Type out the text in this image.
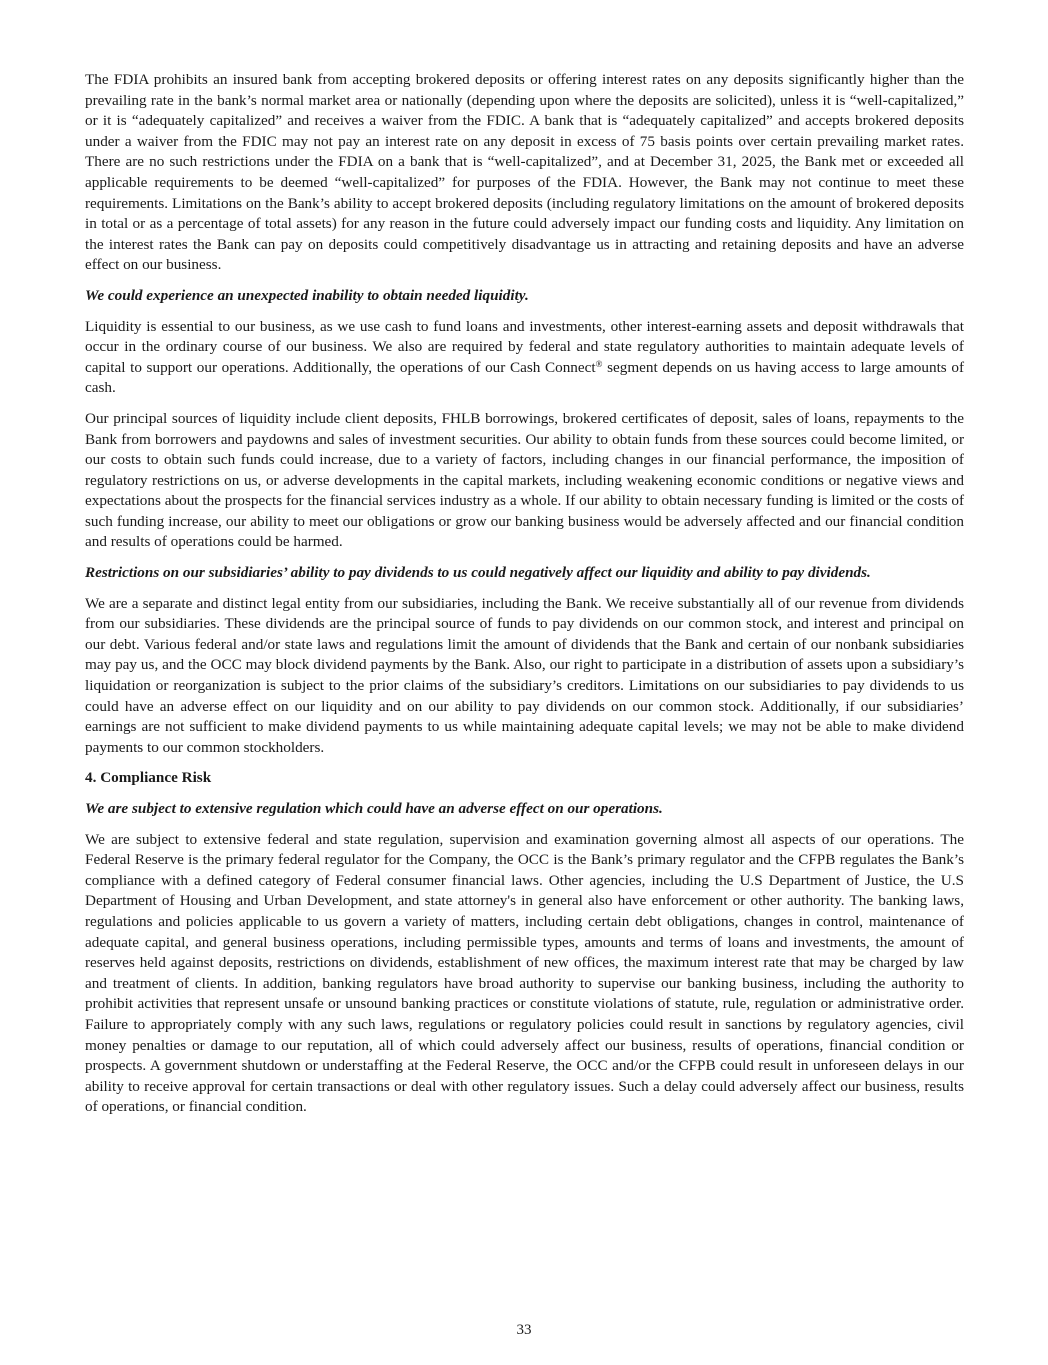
The FDIA prohibits an insured bank from accepting brokered deposits or offering interest rates on any deposits significantly higher than the prevailing rate in the bank’s normal market area or nationally (depending upon where the deposits are solicited), unless it is “well-capitalized,” or it is “adequately capitalized” and receives a waiver from the FDIC. A bank that is “adequately capitalized” and accepts brokered deposits under a waiver from the FDIC may not pay an interest rate on any deposit in excess of 75 basis points over certain prevailing market rates. There are no such restrictions under the FDIA on a bank that is “well-capitalized”, and at December 31, 2025, the Bank met or exceeded all applicable requirements to be deemed “well-capitalized” for purposes of the FDIA. However, the Bank may not continue to meet these requirements. Limitations on the Bank’s ability to accept brokered deposits (including regulatory limitations on the amount of brokered deposits in total or as a percentage of total assets) for any reason in the future could adversely impact our funding costs and liquidity. Any limitation on the interest rates the Bank can pay on deposits could competitively disadvantage us in attracting and retaining deposits and have an adverse effect on our business.

We could experience an unexpected inability to obtain needed liquidity.

Liquidity is essential to our business, as we use cash to fund loans and investments, other interest-earning assets and deposit withdrawals that occur in the ordinary course of our business. We also are required by federal and state regulatory authorities to maintain adequate levels of capital to support our operations. Additionally, the operations of our Cash Connect® segment depends on us having access to large amounts of cash.

Our principal sources of liquidity include client deposits, FHLB borrowings, brokered certificates of deposit, sales of loans, repayments to the Bank from borrowers and paydowns and sales of investment securities. Our ability to obtain funds from these sources could become limited, or our costs to obtain such funds could increase, due to a variety of factors, including changes in our financial performance, the imposition of regulatory restrictions on us, or adverse developments in the capital markets, including weakening economic conditions or negative views and expectations about the prospects for the financial services industry as a whole. If our ability to obtain necessary funding is limited or the costs of such funding increase, our ability to meet our obligations or grow our banking business would be adversely affected and our financial condition and results of operations could be harmed.

Restrictions on our subsidiaries’ ability to pay dividends to us could negatively affect our liquidity and ability to pay dividends.

We are a separate and distinct legal entity from our subsidiaries, including the Bank. We receive substantially all of our revenue from dividends from our subsidiaries. These dividends are the principal source of funds to pay dividends on our common stock, and interest and principal on our debt. Various federal and/or state laws and regulations limit the amount of dividends that the Bank and certain of our nonbank subsidiaries may pay us, and the OCC may block dividend payments by the Bank. Also, our right to participate in a distribution of assets upon a subsidiary’s liquidation or reorganization is subject to the prior claims of the subsidiary’s creditors. Limitations on our subsidiaries to pay dividends to us could have an adverse effect on our liquidity and on our ability to pay dividends on our common stock. Additionally, if our subsidiaries’ earnings are not sufficient to make dividend payments to us while maintaining adequate capital levels; we may not be able to make dividend payments to our common stockholders.

4. Compliance Risk

We are subject to extensive regulation which could have an adverse effect on our operations.

We are subject to extensive federal and state regulation, supervision and examination governing almost all aspects of our operations. The Federal Reserve is the primary federal regulator for the Company, the OCC is the Bank’s primary regulator and the CFPB regulates the Bank’s compliance with a defined category of Federal consumer financial laws. Other agencies, including the U.S Department of Justice, the U.S Department of Housing and Urban Development, and state attorney's in general also have enforcement or other authority. The banking laws, regulations and policies applicable to us govern a variety of matters, including certain debt obligations, changes in control, maintenance of adequate capital, and general business operations, including permissible types, amounts and terms of loans and investments, the amount of reserves held against deposits, restrictions on dividends, establishment of new offices, the maximum interest rate that may be charged by law and treatment of clients. In addition, banking regulators have broad authority to supervise our banking business, including the authority to prohibit activities that represent unsafe or unsound banking practices or constitute violations of statute, rule, regulation or administrative order. Failure to appropriately comply with any such laws, regulations or regulatory policies could result in sanctions by regulatory agencies, civil money penalties or damage to our reputation, all of which could adversely affect our business, results of operations, financial condition or prospects. A government shutdown or understaffing at the Federal Reserve, the OCC and/or the CFPB could result in unforeseen delays in our ability to receive approval for certain transactions or deal with other regulatory issues. Such a delay could adversely affect our business, results of operations, or financial condition.

33
